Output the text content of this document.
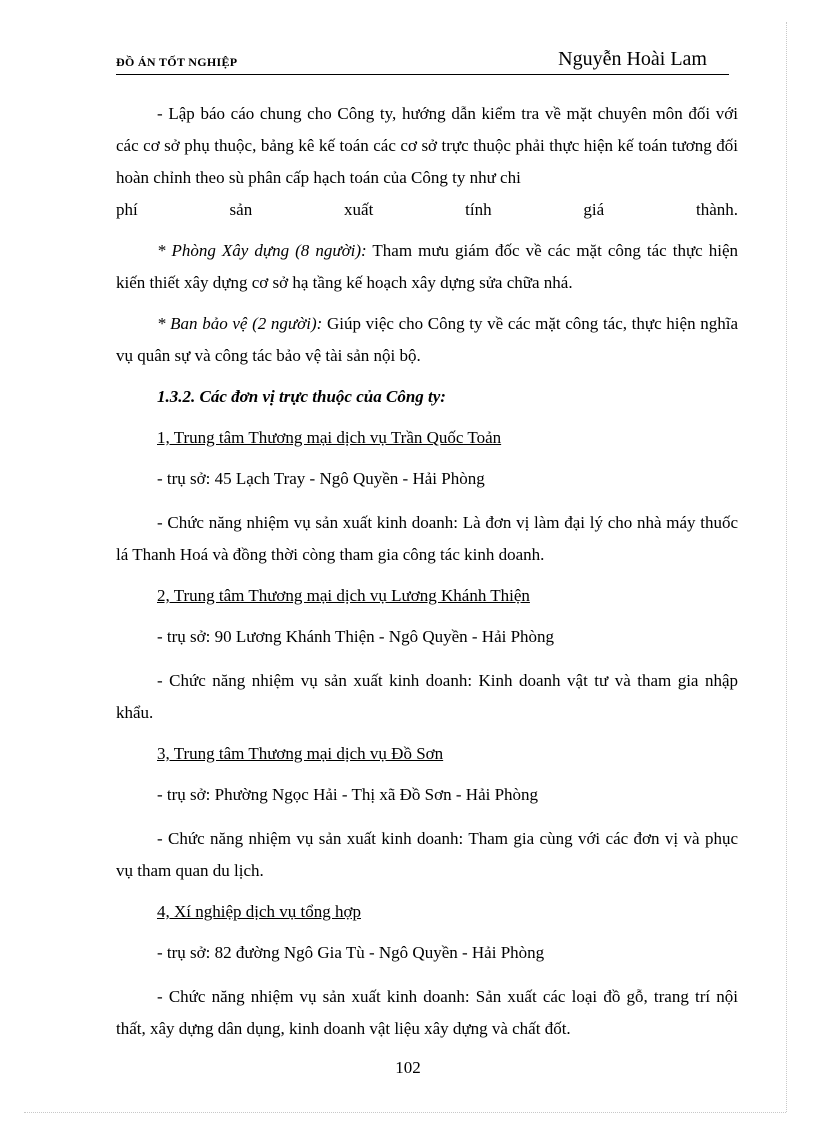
ĐỒ ÁN TỐT NGHIỆP	Nguyễn Hoài Lam

- Lập báo cáo chung cho Công ty, hướng dẫn kiểm tra về mặt chuyên môn đối với các cơ sở phụ thuộc, bảng kê kế toán các cơ sở trực thuộc phải thực hiện kế toán tương đối hoàn chỉnh theo sù phân cấp hạch toán của Công ty như chi

phí sản xuất tính giá thành.

* Phòng Xây dựng (8 người): Tham mưu giám đốc về các mặt công tác thực hiện kiến thiết xây dựng cơ sở hạ tầng kế hoạch xây dựng sửa chữa nhá.

* Ban bảo vệ (2 người): Giúp việc cho Công ty về các mặt công tác, thực hiện nghĩa vụ quân sự và công tác bảo vệ tài sản nội bộ.

1.3.2. Các đơn vị trực thuộc của Công ty:

1, Trung tâm Thương mại dịch vụ Trần Quốc Toản

- trụ sở: 45 Lạch Tray - Ngô Quyền - Hải Phòng

- Chức năng nhiệm vụ sản xuất kinh doanh: Là đơn vị làm đại lý cho nhà máy thuốc lá Thanh Hoá và đồng thời còng tham gia công tác kinh doanh.

2, Trung tâm Thương mại dịch vụ Lương Khánh Thiện

- trụ sở: 90 Lương Khánh Thiện - Ngô Quyền - Hải Phòng

- Chức năng nhiệm vụ sản xuất kinh doanh: Kinh doanh vật tư và tham gia nhập khẩu.

3, Trung tâm Thương mại dịch vụ Đồ Sơn

- trụ sở: Phường Ngọc Hải - Thị xã Đồ Sơn - Hải Phòng

- Chức năng nhiệm vụ sản xuất kinh doanh: Tham gia cùng với các đơn vị và phục vụ tham quan du lịch.

4, Xí nghiệp dịch vụ tổng hợp

- trụ sở: 82 đường Ngô Gia Tù - Ngô Quyền - Hải Phòng

- Chức năng nhiệm vụ sản xuất kinh doanh: Sản xuất các loại đồ gỗ, trang trí nội thất, xây dựng dân dụng, kinh doanh vật liệu xây dựng và chất đốt.

102
